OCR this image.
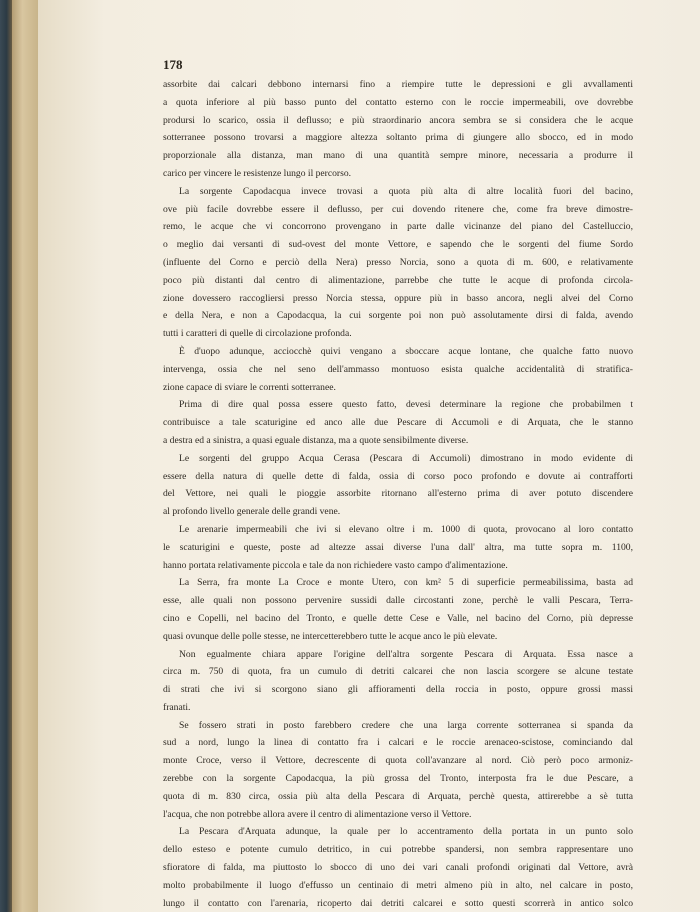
178
assorbite dai calcari debbono internarsi fino a riempire tutte le depressioni e gli avvallamenti
a quota inferiore al più basso punto del contatto esterno con le roccie impermeabili, ove dovrebbe
prodursi lo scarico, ossia il deflusso; e più straordinario ancora sembra se si considera che le acque
sotterranee possono trovarsi a maggiore altezza soltanto prima di giungere allo sbocco, ed in modo
proporzionale alla distanza, man mano di una quantità sempre minore, necessaria a produrre il
carico per vincere le resistenze lungo il percorso.
La sorgente Capodacqua invece trovasi a quota più alta di altre località fuori del bacino,
ove più facile dovrebbe essere il deflusso, per cui dovendo ritenere che, come fra breve dimostre-
remo, le acque che vi concorrono provengano in parte dalle vicinanze del piano del Castelluccio,
o meglio dai versanti di sud-ovest del monte Vettore, e sapendo che le sorgenti del fiume Sordo
(influente del Corno e perciò della Nera) presso Norcia, sono a quota di m. 600, e relativamente
poco più distanti dal centro di alimentazione, parrebbe che tutte le acque di profonda circola-
zione dovessero raccogliersi presso Norcia stessa, oppure più in basso ancora, negli alvei del Corno
e della Nera, e non a Capodacqua, la cui sorgente poi non può assolutamente dirsi di falda, avendo
tutti i caratteri di quelle di circolazione profonda.
È d'uopo adunque, acciocchè quivi vengano a sboccare acque lontane, che qualche fatto nuovo
intervenga, ossia che nel seno dell'ammasso montuoso esista qualche accidentalità di stratifica-
zione capace di sviare le correnti sotterranee.
Prima di dire qual possa essere questo fatto, devesi determinare la regione che probabilmen t
contribuisce a tale scaturigine ed anco alle due Pescare di Accumoli e di Arquata, che le stanno
a destra ed a sinistra, a quasi eguale distanza, ma a quote sensibilmente diverse.
Le sorgenti del gruppo Acqua Cerasa (Pescara di Accumoli) dimostrano in modo evidente di
essere della natura di quelle dette di falda, ossia di corso poco profondo e dovute ai contrafforti
del Vettore, nei quali le pioggie assorbite ritornano all'esterno prima di aver potuto discendere
al profondo livello generale delle grandi vene.
Le arenarie impermeabili che ivi si elevano oltre i m. 1000 di quota, provocano al loro contatto
le scaturigini e queste, poste ad altezze assai diverse l'una dall' altra, ma tutte sopra m. 1100,
hanno portata relativamente piccola e tale da non richiedere vasto campo d'alimentazione.
La Serra, fra monte La Croce e monte Utero, con km² 5 di superficie permeabilissima, basta ad
esse, alle quali non possono pervenire sussidi dalle circostanti zone, perchè le valli Pescara, Terra-
cino e Copelli, nel bacino del Tronto, e quelle dette Cese e Valle, nel bacino del Corno, più depresse
quasi ovunque delle polle stesse, ne intercetterebbero tutte le acque anco le più elevate.
Non egualmente chiara appare l'origine dell'altra sorgente Pescara di Arquata. Essa nasce a
circa m. 750 di quota, fra un cumulo di detriti calcarei che non lascia scorgere se alcune testate
di strati che ivi si scorgono siano gli affioramenti della roccia in posto, oppure grossi massi
franati.
Se fossero strati in posto farebbero credere che una larga corrente sotterranea si spanda da
sud a nord, lungo la linea di contatto fra i calcari e le roccie arenaceo-scistose, cominciando dal
monte Croce, verso il Vettore, decrescente di quota coll'avanzare al nord. Ciò però poco armoniz-
zerebbe con la sorgente Capodacqua, la più grossa del Tronto, interposta fra le due Pescare, a
quota di m. 830 circa, ossia più alta della Pescara di Arquata, perchè questa, attirerebbe a sè tutta
l'acqua, che non potrebbe allora avere il centro di alimentazione verso il Vettore.
La Pescara d'Arquata adunque, la quale per lo accentramento della portata in un punto solo
dello esteso e potente cumulo detritico, in cui potrebbe spandersi, non sembra rappresentare uno
sfioratore di falda, ma piuttosto lo sbocco di uno dei vari canali profondi originati dal Vettore, avrà
molto probabilmente il luogo d'effusso un centinaio di metri almeno più in alto, nel calcare in posto,
lungo il contatto con l'arenaria, ricoperto dai detriti calcarei e sotto questi scorrerà in antico solco
